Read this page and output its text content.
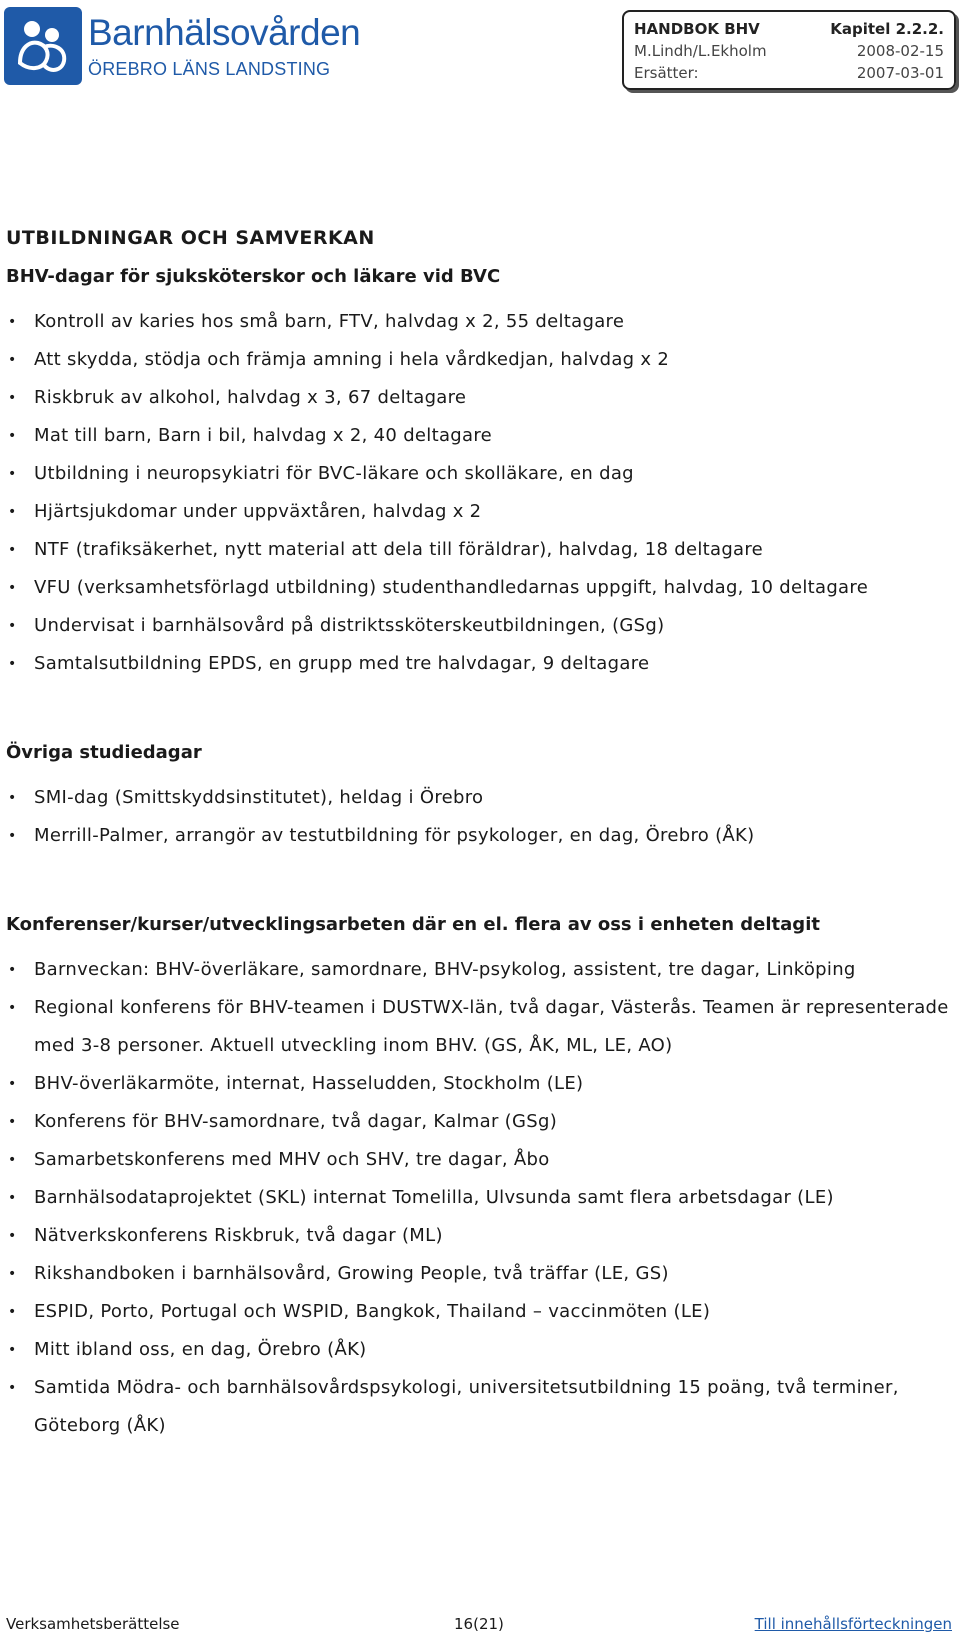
Barnhälsovården
ÖREBRO LÄNS LANDSTING
HANDBOK BHV	Kapitel 2.2.2.
M.Lindh/L.Ekholm	2008-02-15
Ersätter:	2007-03-01
UTBILDNINGAR OCH SAMVERKAN
BHV-dagar för sjuksköterskor och läkare vid BVC
• Kontroll av karies hos små barn, FTV, halvdag x 2, 55 deltagare
• Att skydda, stödja och främja amning i hela vårdkedjan, halvdag x 2
• Riskbruk av alkohol, halvdag x 3, 67 deltagare
• Mat till barn, Barn i bil, halvdag x 2, 40 deltagare
• Utbildning i neuropsykiatri för BVC-läkare och skolläkare, en dag
• Hjärtsjukdomar under uppväxtåren, halvdag x 2
• NTF (trafiksäkerhet, nytt material att dela till föräldrar), halvdag, 18 deltagare
• VFU (verksamhetsförlagd utbildning) studenthandledarnas uppgift, halvdag, 10 deltagare
• Undervisat i barnhälsovård på distriktssköterskeutbildningen, (GSg)
• Samtalsutbildning EPDS, en grupp med tre halvdagar, 9 deltagare
Övriga studiedagar
• SMI-dag (Smittskyddsinstitutet), heldag i Örebro
• Merrill-Palmer, arrangör av testutbildning för psykologer, en dag, Örebro (ÅK)
Konferenser/kurser/utvecklingsarbeten där en el. flera av oss i enheten deltagit
• Barnveckan: BHV-överläkare, samordnare, BHV-psykolog, assistent, tre dagar, Linköping
• Regional konferens för BHV-teamen i DUSTWX-län, två dagar, Västerås. Teamen är representerade med 3-8 personer. Aktuell utveckling inom BHV. (GS, ÅK, ML, LE, AO)
• BHV-överläkarmöte, internat, Hasseludden, Stockholm (LE)
• Konferens för BHV-samordnare, två dagar, Kalmar (GSg)
• Samarbetskonferens med MHV och SHV, tre dagar, Åbo
• Barnhälsodataprojektet (SKL) internat Tomelilla, Ulvsunda samt flera arbetsdagar (LE)
• Nätverkskonferens Riskbruk, två dagar (ML)
• Rikshandboken i barnhälsovård, Growing People, två träffar (LE, GS)
• ESPID, Porto, Portugal och WSPID, Bangkok, Thailand – vaccinmöten (LE)
• Mitt ibland oss, en dag, Örebro (ÅK)
• Samtida Mödra- och barnhälsovårdspsykologi, universitetsutbildning 15 poäng, två terminer, Göteborg (ÅK)
Verksamhetsberättelse	16(21)	Till innehållsförteckningen
